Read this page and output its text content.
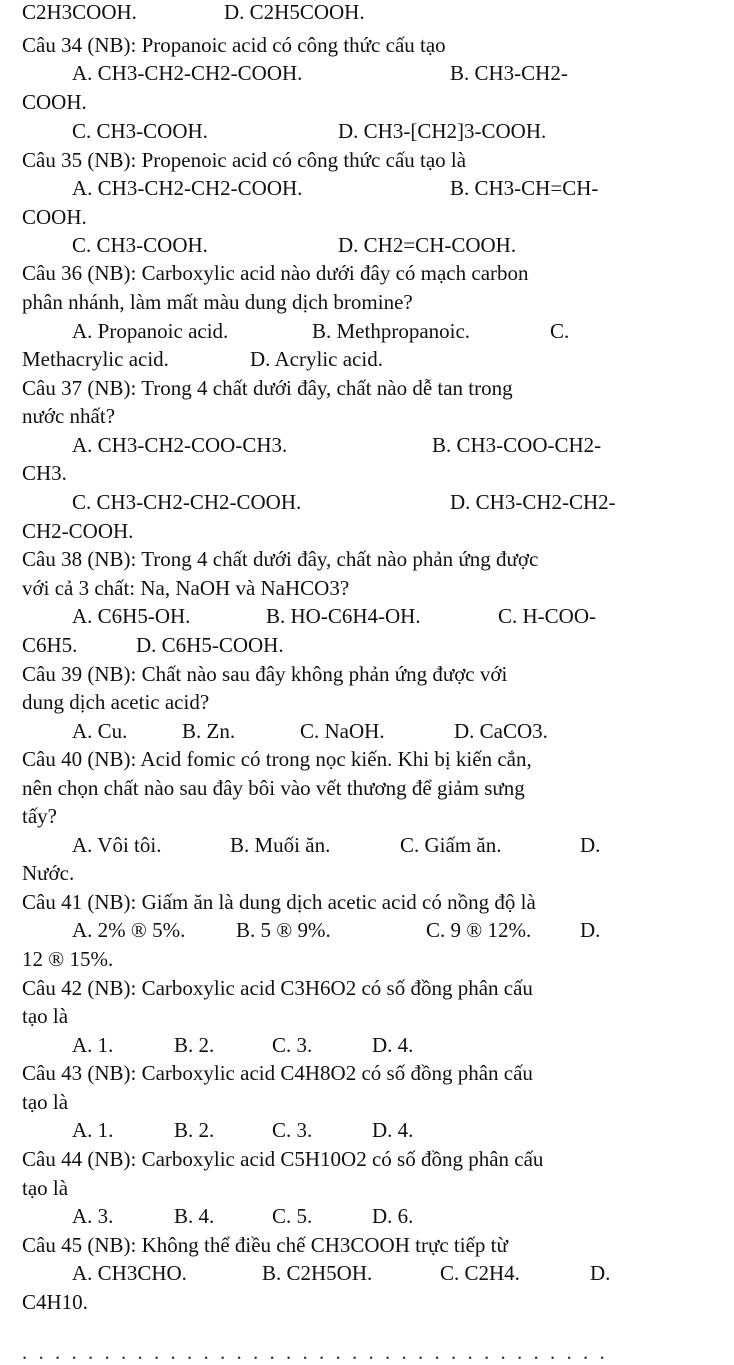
C2H3COOH.	D. C2H5COOH.
Câu 34 (NB): Propanoic acid có công thức cấu tạo
A. CH3-CH2-CH2-COOH.	B. CH3-CH2-
COOH.
C. CH3-COOH.	D. CH3-[CH2]3-COOH.
Câu 35 (NB): Propenoic acid có công thức cấu tạo là
A. CH3-CH2-CH2-COOH.	B. CH3-CH=CH-
COOH.
C. CH3-COOH.	D. CH2=CH-COOH.
Câu 36 (NB): Carboxylic acid nào dưới đây có mạch carbon
phân nhánh, làm mất màu dung dịch bromine?
A. Propanoic acid.	B. Methpropanoic.	C.
Methacrylic acid.	D. Acrylic acid.
Câu 37 (NB): Trong 4 chất dưới đây, chất nào dễ tan trong
nước nhất?
A. CH3-CH2-COO-CH3.	B. CH3-COO-CH2-
CH3.
C. CH3-CH2-CH2-COOH.	D. CH3-CH2-CH2-
CH2-COOH.
Câu 38 (NB): Trong 4 chất dưới đây, chất nào phản ứng được
với cả 3 chất: Na, NaOH và NaHCO3?
A. C6H5-OH.	B. HO-C6H4-OH.	C. H-COO-
C6H5.	D. C6H5-COOH.
Câu 39 (NB): Chất nào sau đây không phản ứng được với
dung dịch acetic acid?
A. Cu.	B. Zn.	C. NaOH.	D. CaCO3.
Câu 40 (NB): Acid fomic có trong nọc kiến. Khi bị kiến cắn,
nên chọn chất nào sau đây bôi vào vết thương để giảm sưng
tấy?
A. Vôi tôi.	B. Muối ăn.	C. Giấm ăn.	D.
Nước.
Câu 41 (NB): Giấm ăn là dung dịch acetic acid có nồng độ là
A. 2% ® 5%. B. 5 ® 9%.	C. 9 ® 12%. D.
12 ® 15%.
Câu 42 (NB): Carboxylic acid C3H6O2 có số đồng phân cấu
tạo là
A. 1.	B. 2.	C. 3.	D. 4.
Câu 43 (NB): Carboxylic acid C4H8O2 có số đồng phân cấu
tạo là
A. 1.	B. 2.	C. 3.	D. 4.
Câu 44 (NB): Carboxylic acid C5H10O2 có số đồng phân cấu
tạo là
A. 3.	B. 4.	C. 5.	D. 6.
Câu 45 (NB): Không thể điều chế CH3COOH trực tiếp từ
A. CH3CHO.	B. C2H5OH.	C. C2H4.	D.
C4H10.
. . . . . . . . . . . . . . . . . . . . . . . . . . . . . . . . . . . .
